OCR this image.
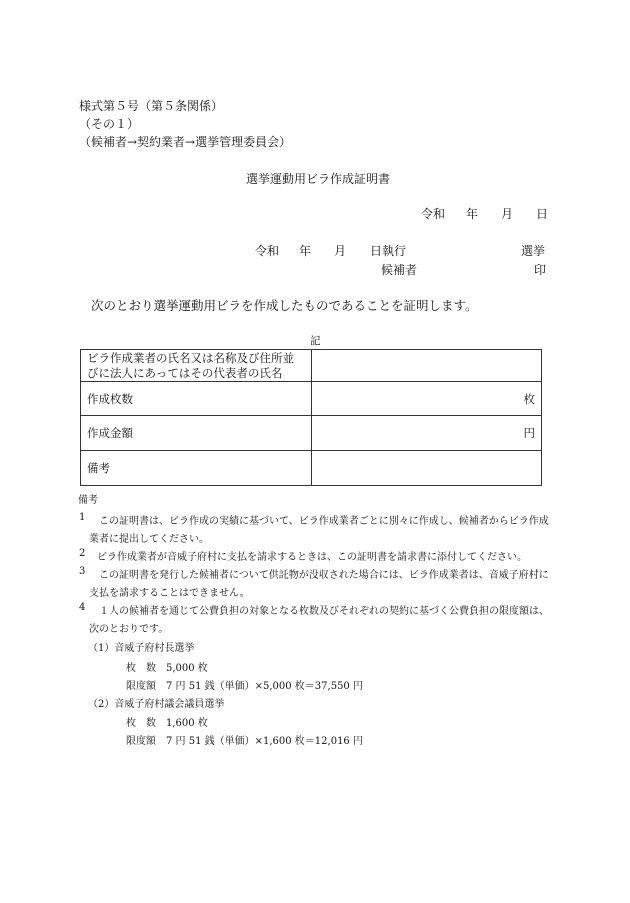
様式第５号（第５条関係）
（その１）
（候補者→契約業者→選挙管理委員会）
選挙運動用ビラ作成証明書
令和 年 月 日
令和 年 月 日執行	選挙
候補者	印
次のとおり選挙運動用ビラを作成したものであることを証明します。
記
ビラ作成業者の氏名又は名称及び住所並
びに法人にあってはその代表者の氏名	

作成枚数	枚
作成金額	円
備考	
備考
1 この証明書は、ビラ作成の実績に基づいて、ビラ作成業者ごとに別々に作成し、候補者からビラ作成
業者に提出してください。
2 ビラ作成業者が音威子府村に支払を請求するときは、この証明書を請求書に添付してください。
3 この証明書を発行した候補者について供託物が没収された場合には、ビラ作成業者は、音威子府村に
支払を請求することはできません。
4 １人の候補者を通じて公費負担の対象となる枚数及びそれぞれの契約に基づく公費負担の限度額は、
次のとおりです。
（1）音威子府村長選挙
枚　数　5,000 枚
限度額　7 円 51 銭（単価）×5,000 枚＝37,550 円
（2）音威子府村議会議員選挙
枚　数　1,600 枚
限度額　7 円 51 銭（単価）×1,600 枚＝12,016 円
